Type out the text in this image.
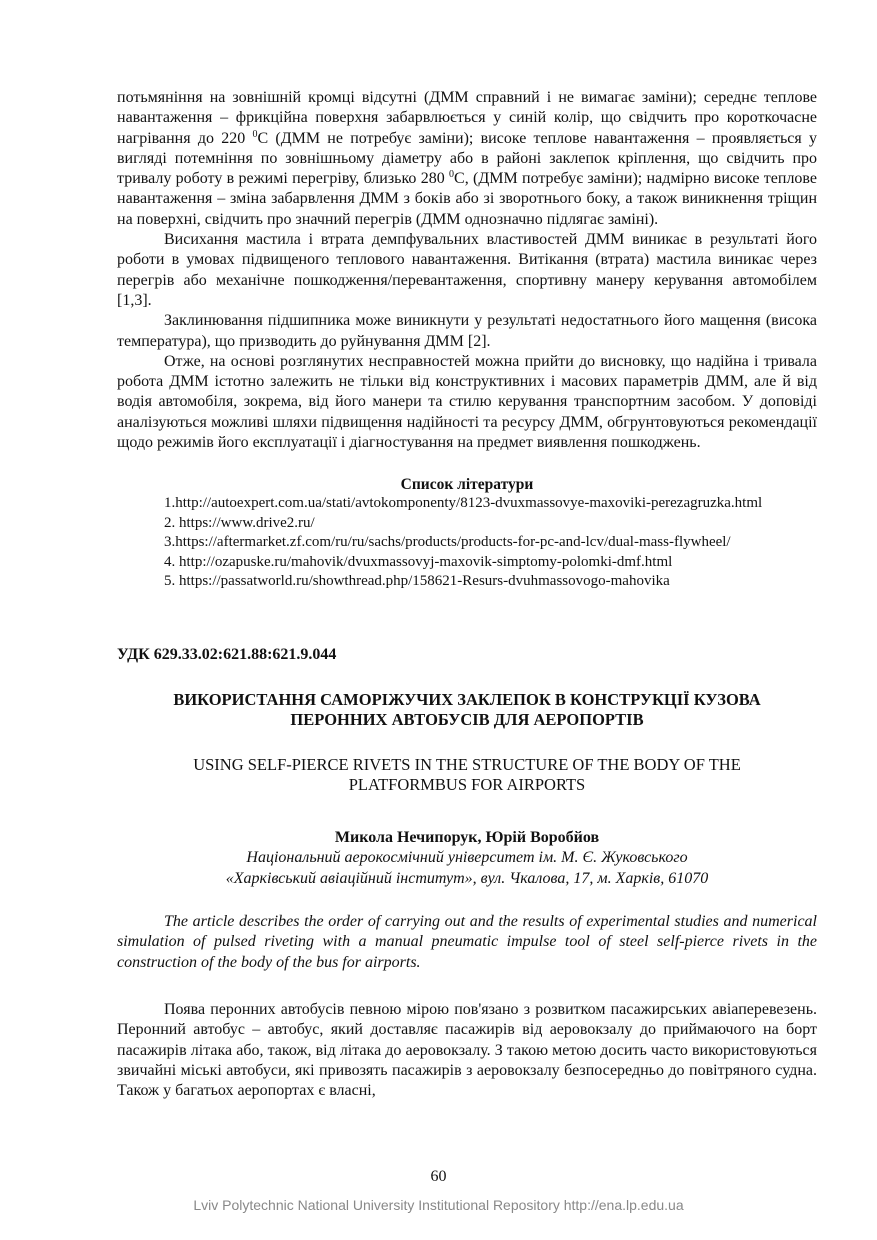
потьмяніння на зовнішній кромці відсутні (ДММ справний і не вимагає заміни); середнє теплове навантаження – фрикційна поверхня забарвлюється у синій колір, що свідчить про короткочасне нагрівання до 220 $^0$С (ДММ не потребує заміни); високе теплове навантаження – проявляється у вигляді потемніння по зовнішньому діаметру або в районі заклепок кріплення, що свідчить про тривалу роботу в режимі перегріву, близько 280 $^0$С, (ДММ потребує заміни); надмірно високе теплове навантаження – зміна забарвлення ДММ з боків або зі зворотнього боку, а також виникнення тріщин на поверхні, свідчить про значний перегрів (ДММ однозначно підлягає заміні).

Висихання мастила і втрата демпфувальних властивостей ДММ виникає в результаті його роботи в умовах підвищеного теплового навантаження. Витікання (втрата) мастила виникає через перегрів або механічне пошкодження/перевантаження, спортивну манеру керування автомобілем [1,3].

Заклинювання підшипника може виникнути у результаті недостатнього його мащення (висока температура), що призводить до руйнування ДММ [2].

Отже, на основі розглянутих несправностей можна прийти до висновку, що надійна і тривала робота ДММ істотно залежить не тільки від конструктивних і масових параметрів ДММ, але й від водія автомобіля, зокрема, від його манери та стилю керування транспортним засобом. У доповіді аналізуються можливі шляхи підвищення надійності та ресурсу ДММ, обгрунтовуються рекомендації щодо режимів його експлуатації і діагностування на предмет виявлення пошкоджень.

Список літератури
1.http://autoexpert.com.ua/stati/avtokomponenty/8123-dvuxmassovye-maxoviki-perezagruzka.html
2. https://www.drive2.ru/
3.https://aftermarket.zf.com/ru/ru/sachs/products/products-for-pc-and-lcv/dual-mass-flywheel/
4. http://ozapuske.ru/mahovik/dvuxmassovyj-maxovik-simptomy-polomki-dmf.html
5. https://passatworld.ru/showthread.php/158621-Resurs-dvuhmassovogo-mahovika
УДК 629.33.02:621.88:621.9.044
ВИКОРИСТАННЯ САМОРІЖУЧИХ ЗАКЛЕПОК В КОНСТРУКЦІЇ КУЗОВА
ПЕРОННИХ АВТОБУСІВ ДЛЯ АЕРОПОРТІВ
USING SELF-PIERCE RIVETS IN THE STRUCTURE OF THE BODY OF THE
PLATFORMBUS FOR AIRPORTS
Микола Нечипорук, Юрій Воробйов
Національний аерокосмічний університет ім. М. Є. Жуковського
«Харківський авіаційний інститут», вул. Чкалова, 17, м. Харків, 61070

The article describes the order of carrying out and the results of experimental studies and numerical simulation of pulsed riveting with a manual pneumatic impulse tool of steel self-pierce rivets in the construction of the body of the bus for airports.

Поява перонних автобусів певною мірою пов'язано з розвитком пасажирських авіаперевезень. Перонний автобус – автобус, який доставляє пасажирів від аеровокзалу до приймаючого на борт пасажирів літака або, також, від літака до аеровокзалу. З такою метою досить часто використовуються звичайні міські автобуси, які привозять пасажирів з аеровокзалу безпосередньо до повітряного судна. Також у багатьох аеропортах є власні,

60
Lviv Polytechnic National University Institutional Repository http://ena.lp.edu.ua
